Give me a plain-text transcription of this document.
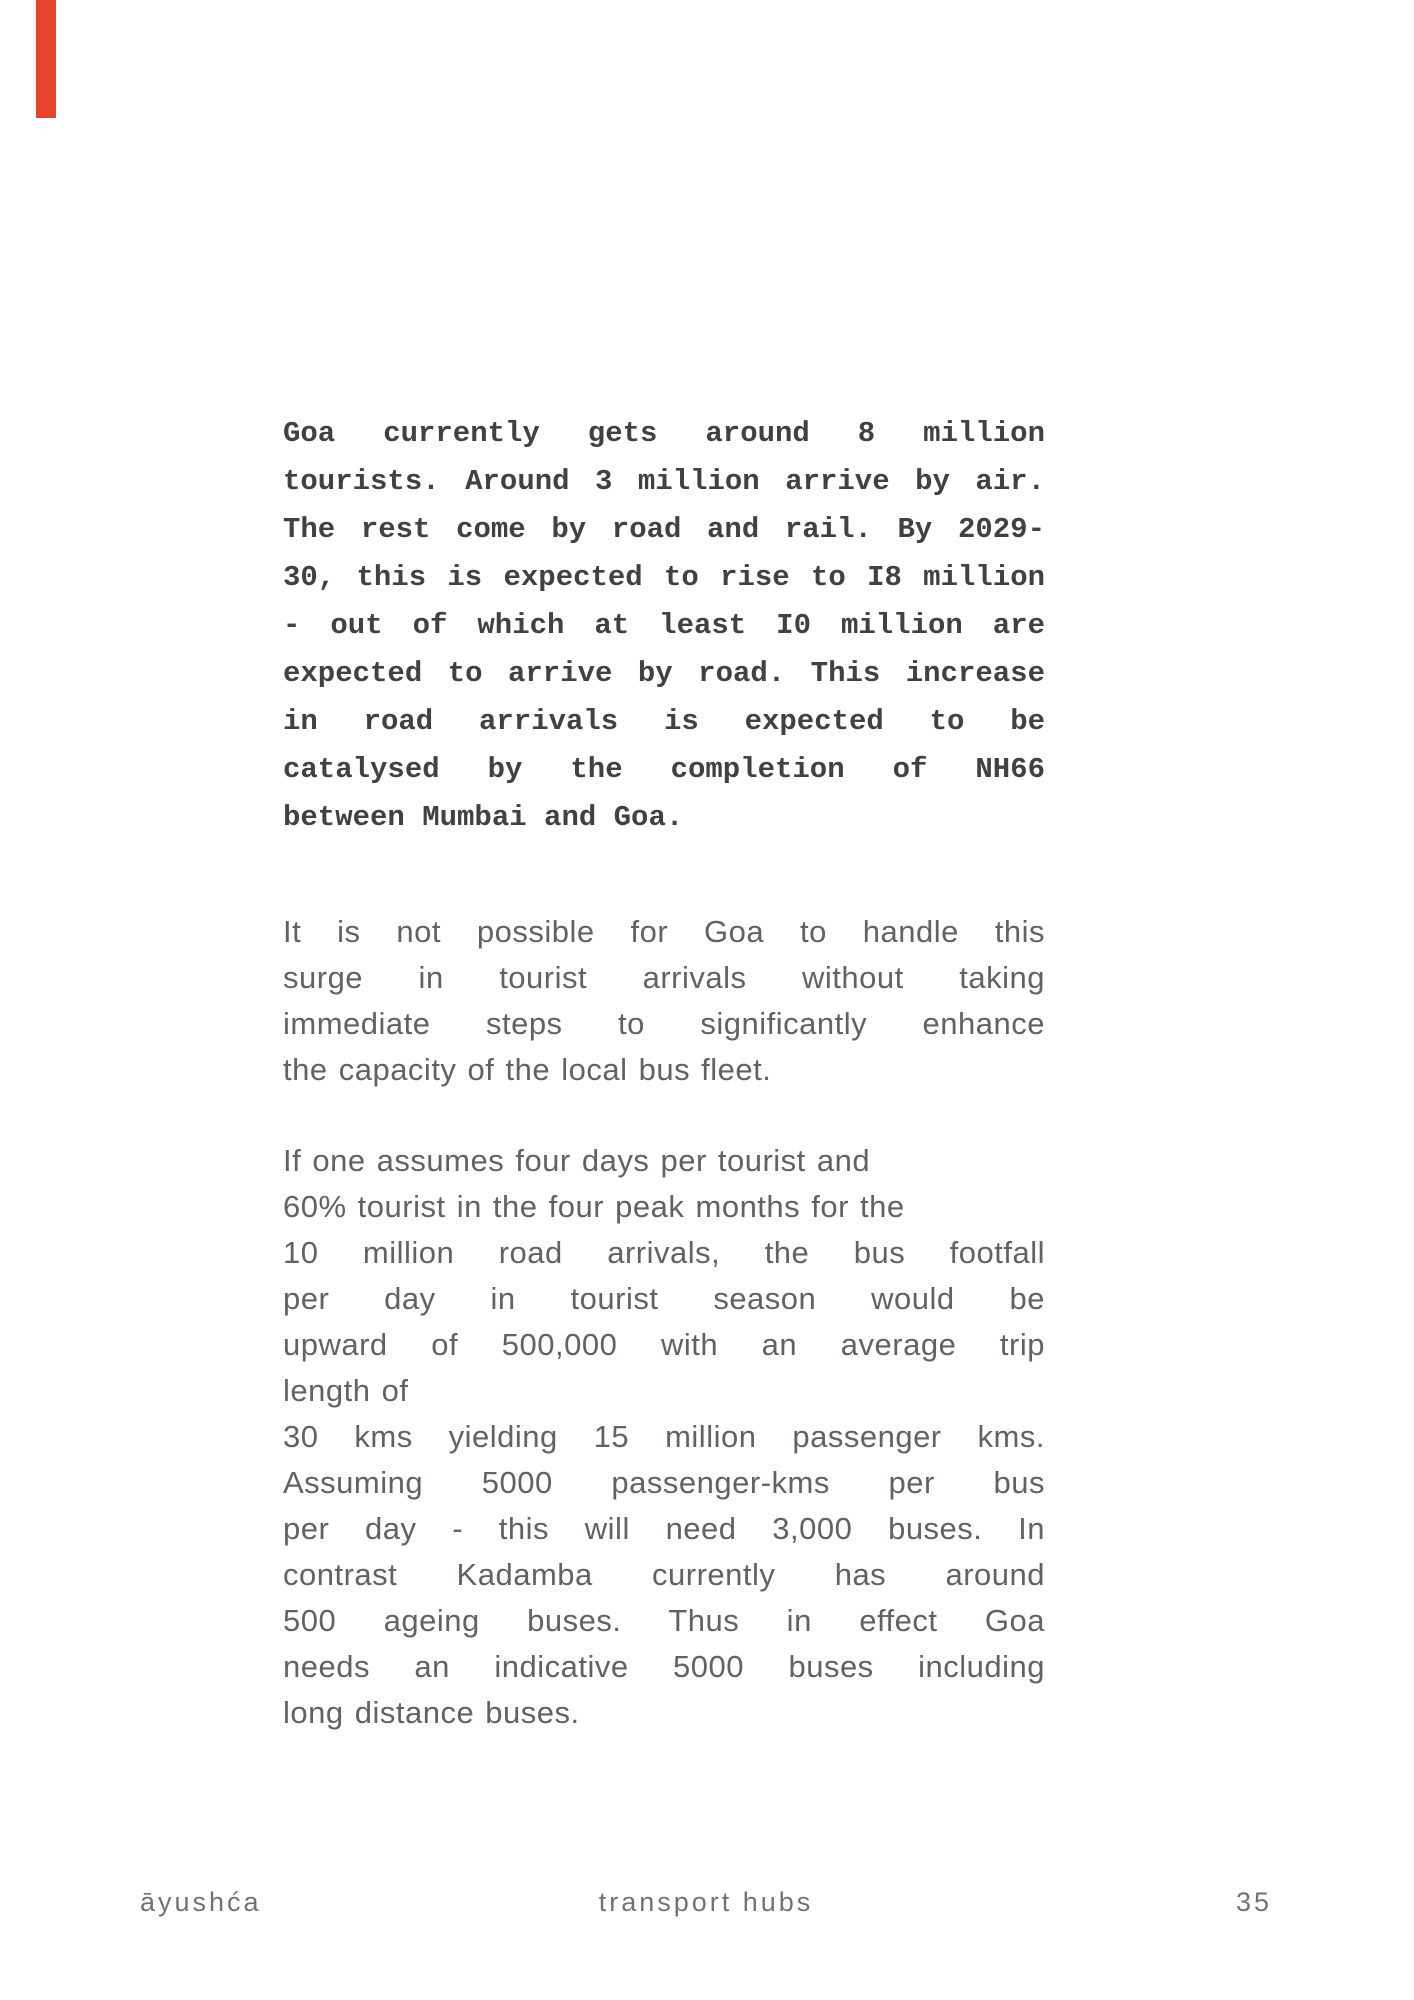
Goa currently gets around 8 million
tourists. Around 3 million arrive by air.
The rest come by road and rail. By 2029-
30, this is expected to rise to I8 million
- out of which at least I0 million are
expected to arrive by road. This increase
in road arrivals is expected to be
catalysed by the completion of NH66
between Mumbai and Goa.
It is not possible for Goa to handle this
surge in tourist arrivals without taking
immediate steps to significantly enhance
the capacity of the local bus fleet.
If one assumes four days per tourist and
60% tourist in the four peak months for the
10 million road arrivals, the bus footfall
per day in tourist season would be
upward of 500,000 with an average trip
length of
30 kms yielding 15 million passenger kms.
Assuming 5000 passenger-kms per bus
per day - this will need 3,000 buses. In
contrast Kadamba currently has around
500 ageing buses. Thus in effect Goa
needs an indicative 5000 buses including
long distance buses.
āyushća	transport hubs	35
